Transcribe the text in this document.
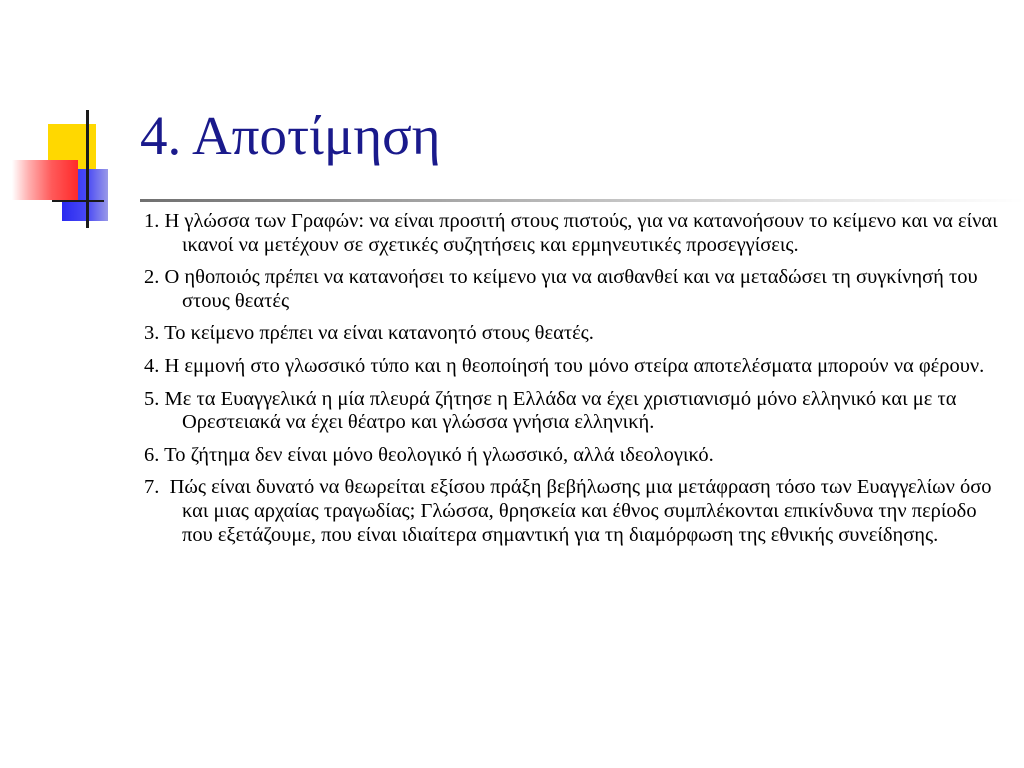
4. Αποτίμηση
1. Η γλώσσα των Γραφών: να είναι προσιτή στους πιστούς, για να κατανοήσουν το κείμενο και να είναι ικανοί να μετέχουν σε σχετικές συζητήσεις και ερμηνευτικές προσεγγίσεις.
2. Ο ηθοποιός πρέπει να κατανοήσει το κείμενο για να αισθανθεί και να μεταδώσει τη συγκίνησή του στους θεατές
3. Το κείμενο πρέπει να είναι κατανοητό στους θεατές.
4. Η εμμονή στο γλωσσικό τύπο και η θεοποίησή του μόνο στείρα αποτελέσματα μπορούν να φέρουν.
5. Με τα Ευαγγελικά η μία πλευρά ζήτησε η Ελλάδα να έχει χριστιανισμό μόνο ελληνικό και με τα Ορεστειακά να έχει θέατρο και γλώσσα γνήσια ελληνική.
6. Το ζήτημα δεν είναι μόνο θεολογικό ή γλωσσικό, αλλά ιδεολογικό.
7.  Πώς είναι δυνατό να θεωρείται εξίσου πράξη βεβήλωσης μια μετάφραση τόσο των Ευαγγελίων όσο και μιας αρχαίας τραγωδίας; Γλώσσα, θρησκεία και έθνος συμπλέκονται επικίνδυνα την περίοδο που εξετάζουμε, που είναι ιδιαίτερα σημαντική για τη διαμόρφωση της εθνικής συνείδησης.
